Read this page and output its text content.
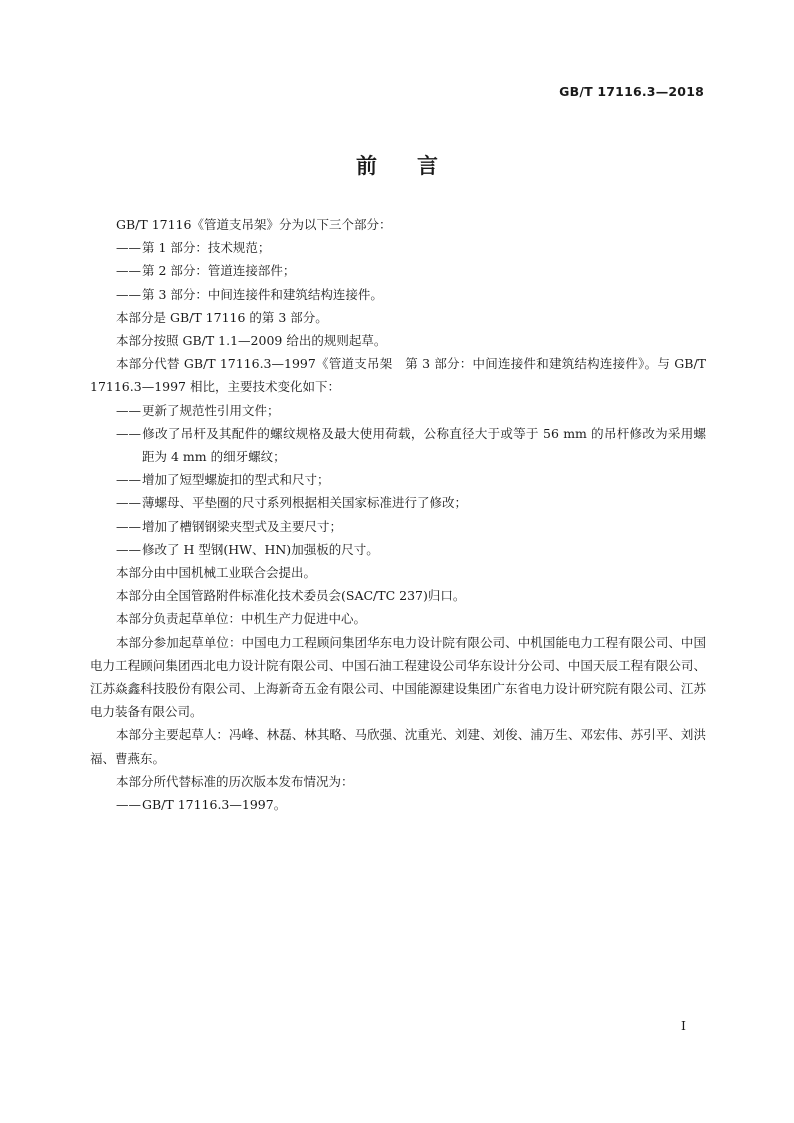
GB/T 17116.3—2018
前言

GB/T 17116《管道支吊架》分为以下三个部分：

——第 1 部分：技术规范；

——第 2 部分：管道连接部件；

——第 3 部分：中间连接件和建筑结构连接件。

本部分是 GB/T 17116 的第 3 部分。

本部分按照 GB/T 1.1—2009 给出的规则起草。

本部分代替 GB/T 17116.3—1997《管道支吊架　第 3 部分：中间连接件和建筑结构连接件》。与 GB/T 17116.3—1997 相比，主要技术变化如下：

——更新了规范性引用文件；

——修改了吊杆及其配件的螺纹规格及最大使用荷载，公称直径大于或等于 56 mm 的吊杆修改为采用螺距为 4 mm 的细牙螺纹；

——增加了短型螺旋扣的型式和尺寸；

——薄螺母、平垫圈的尺寸系列根据相关国家标准进行了修改；

——增加了槽钢钢梁夹型式及主要尺寸；

——修改了 H 型钢(HW、HN)加强板的尺寸。

本部分由中国机械工业联合会提出。

本部分由全国管路附件标准化技术委员会(SAC/TC 237)归口。

本部分负责起草单位：中机生产力促进中心。

本部分参加起草单位：中国电力工程顾问集团华东电力设计院有限公司、中机国能电力工程有限公司、中国电力工程顾问集团西北电力设计院有限公司、中国石油工程建设公司华东设计分公司、中国天辰工程有限公司、江苏焱鑫科技股份有限公司、上海新奇五金有限公司、中国能源建设集团广东省电力设计研究院有限公司、江苏电力装备有限公司。

本部分主要起草人：冯峰、林磊、林其略、马欣强、沈重光、刘建、刘俊、浦万生、邓宏伟、苏引平、刘洪福、曹燕东。

本部分所代替标准的历次版本发布情况为：

——GB/T 17116.3—1997。

I
